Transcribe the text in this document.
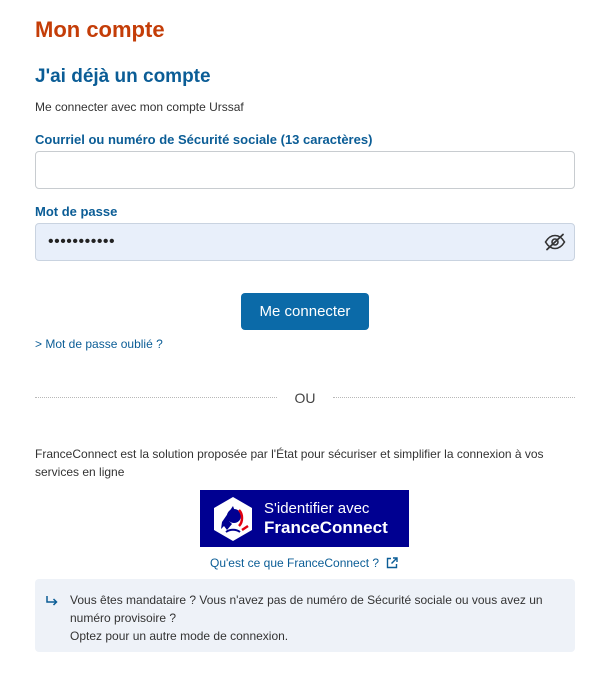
Mon compte
J'ai déjà un compte
Me connecter avec mon compte Urssaf
Courriel ou numéro de Sécurité sociale (13 caractères)
Mot de passe
•••••••••••
Me connecter
> Mot de passe oublié ?
OU
FranceConnect est la solution proposée par l'État pour sécuriser et simplifier la connexion à vos services en ligne
S'identifier avec
FranceConnect
Qu'est ce que FranceConnect ?
Vous êtes mandataire ? Vous n'avez pas de numéro de Sécurité sociale ou vous avez un numéro provisoire ?
Optez pour un autre mode de connexion.
